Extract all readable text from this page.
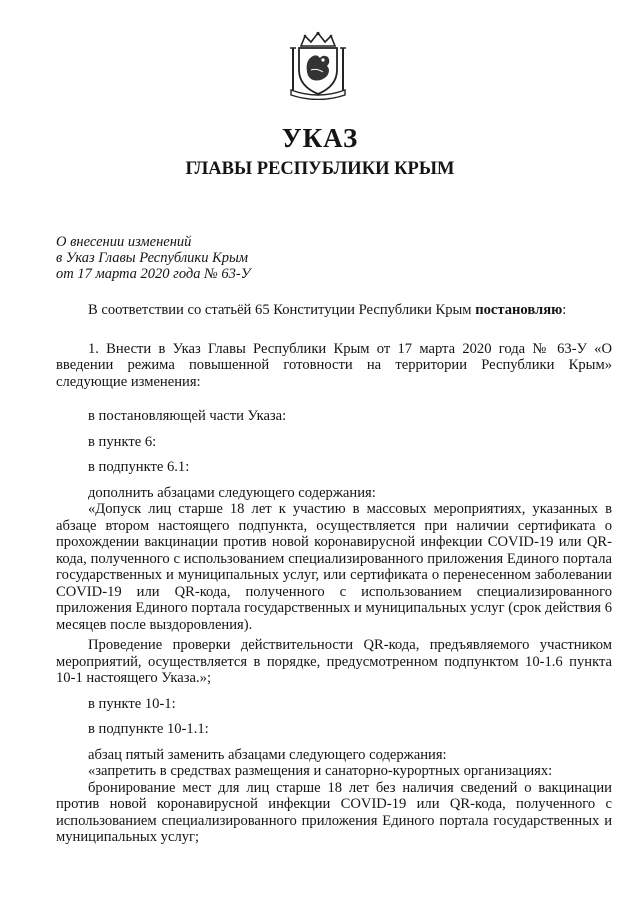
УКАЗ
ГЛАВЫ РЕСПУБЛИКИ КРЫМ
О внесении изменений
в Указ Главы Республики Крым
от 17 марта 2020 года № 63-У

В соответствии со статьёй 65 Конституции Республики Крым постановляю:

1. Внести в Указ Главы Республики Крым от 17 марта 2020 года № 63-У «О введении режима повышенной готовности на территории Республики Крым» следующие изменения:

в постановляющей части Указа:

в пункте 6:

в подпункте 6.1:

дополнить абзацами следующего содержания:

«Допуск лиц старше 18 лет к участию в массовых мероприятиях, указанных в абзаце втором настоящего подпункта, осуществляется при наличии сертификата о прохождении вакцинации против новой коронавирусной инфекции COVID-19 или QR-кода, полученного с использованием специализированного приложения Единого портала государственных и муниципальных услуг, или сертификата о перенесенном заболевании COVID-19 или QR-кода, полученного с использованием специализированного приложения Единого портала государственных и муниципальных услуг (срок действия 6 месяцев после выздоровления).

Проведение проверки действительности QR-кода, предъявляемого участником мероприятий, осуществляется в порядке, предусмотренном подпунктом 10-1.6 пункта 10-1 настоящего Указа.»;

в пункте 10-1:

в подпункте 10-1.1:

абзац пятый заменить абзацами следующего содержания:

«запретить в средствах размещения и санаторно-курортных организациях:

бронирование мест для лиц старше 18 лет без наличия сведений о вакцинации против новой коронавирусной инфекции COVID-19 или QR-кода, полученного с использованием специализированного приложения Единого портала государственных и муниципальных услуг;
